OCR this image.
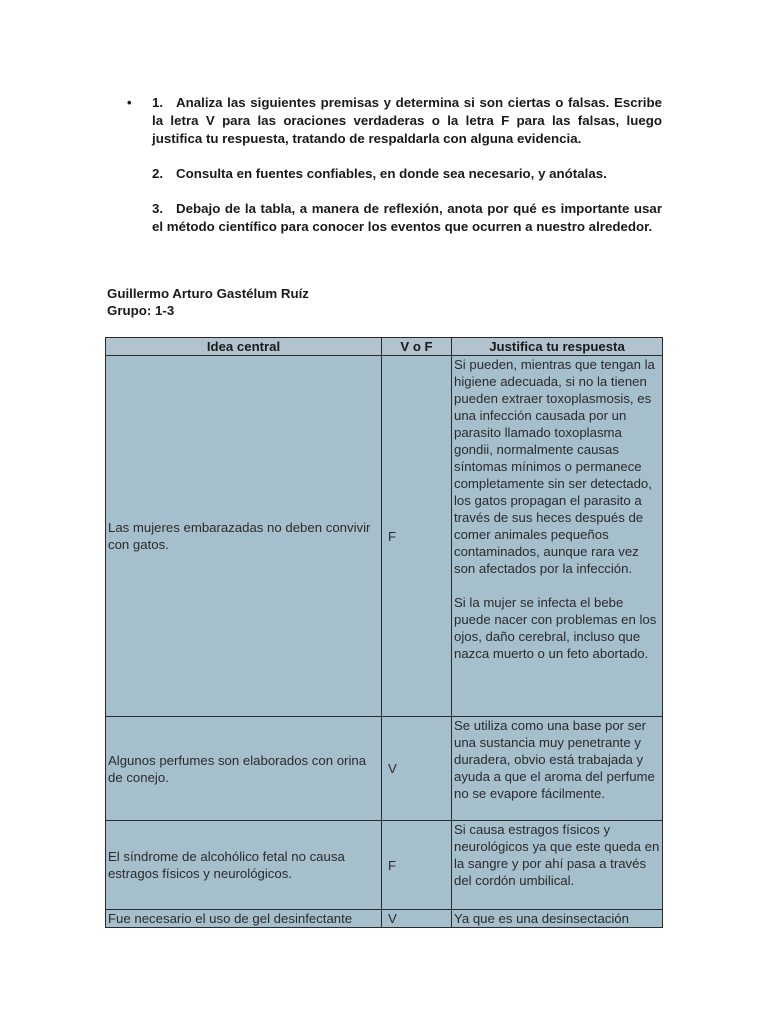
• 1. Analiza las siguientes premisas y determina si son ciertas o falsas. Escribe la letra V para las oraciones verdaderas o la letra F para las falsas, luego justifica tu respuesta, tratando de respaldarla con alguna evidencia.

2. Consulta en fuentes confiables, en donde sea necesario, y anótalas.

3. Debajo de la tabla, a manera de reflexión, anota por qué es importante usar el método científico para conocer los eventos que ocurren a nuestro alrededor.

Guillermo Arturo Gastélum Ruíz
Grupo: 1-3
Idea central	V o F	Justifica tu respuesta
Las mujeres embarazadas no deben convivir con gatos.	F	Si pueden, mientras que tengan la higiene adecuada, si no la tienen pueden extraer toxoplasmosis, es una infección causada por un parasito llamado toxoplasma gondii, normalmente causas síntomas mínimos o permanece completamente sin ser detectado, los gatos propagan el parasito a través de sus heces después de comer animales pequeños contaminados, aunque rara vez son afectados por la infección.

Si la mujer se infecta el bebe puede nacer con problemas en los ojos, daño cerebral, incluso que nazca muerto o un feto abortado.

Algunos perfumes son elaborados con orina de conejo.	V	Se utiliza como una base por ser una sustancia muy penetrante y duradera, obvio está trabajada y ayuda a que el aroma del perfume no se evapore fácilmente.

El síndrome de alcohólico fetal no causa estragos físicos y neurológicos.	F	Si causa estragos físicos y neurológicos ya que este queda en la sangre y por ahí pasa a través del cordón umbilical.

Fue necesario el uso de gel desinfectante	V	Ya que es una desinsectación
